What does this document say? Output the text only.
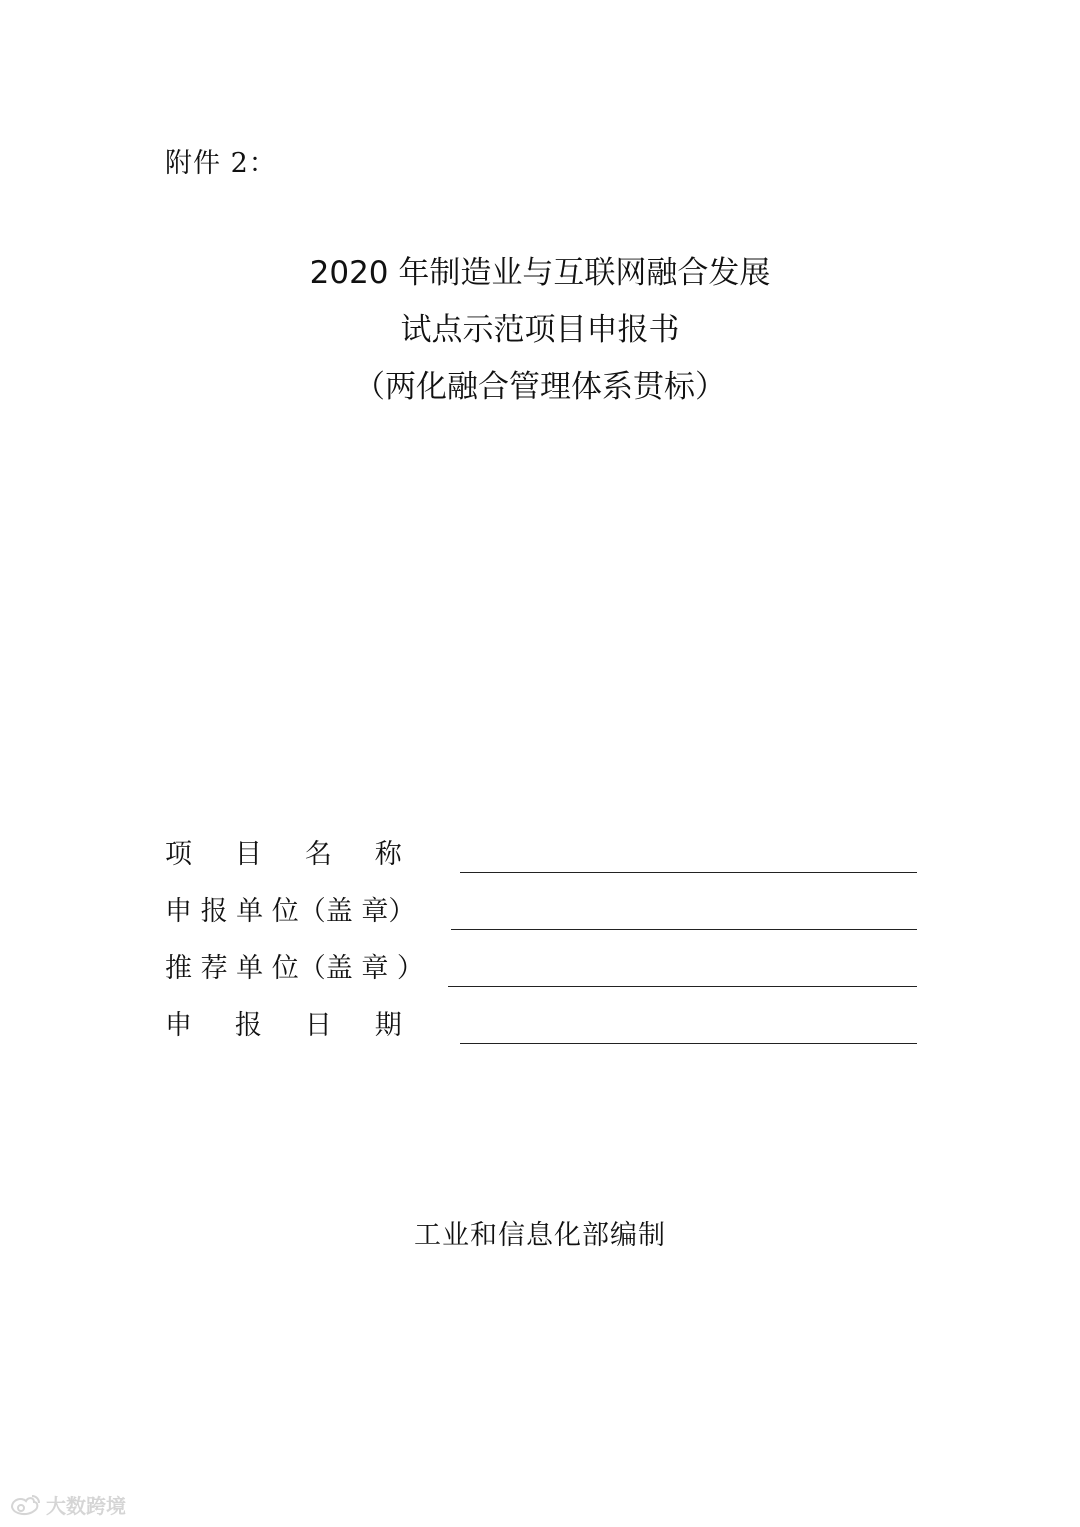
附件 2：
2020 年制造业与互联网融合发展
试点示范项目申报书
（两化融合管理体系贯标）
项     目     名     称
申 报 单 位（盖 章）
推 荐 单 位（盖 章 ）
申     报     日     期
工业和信息化部编制
大数跨境
